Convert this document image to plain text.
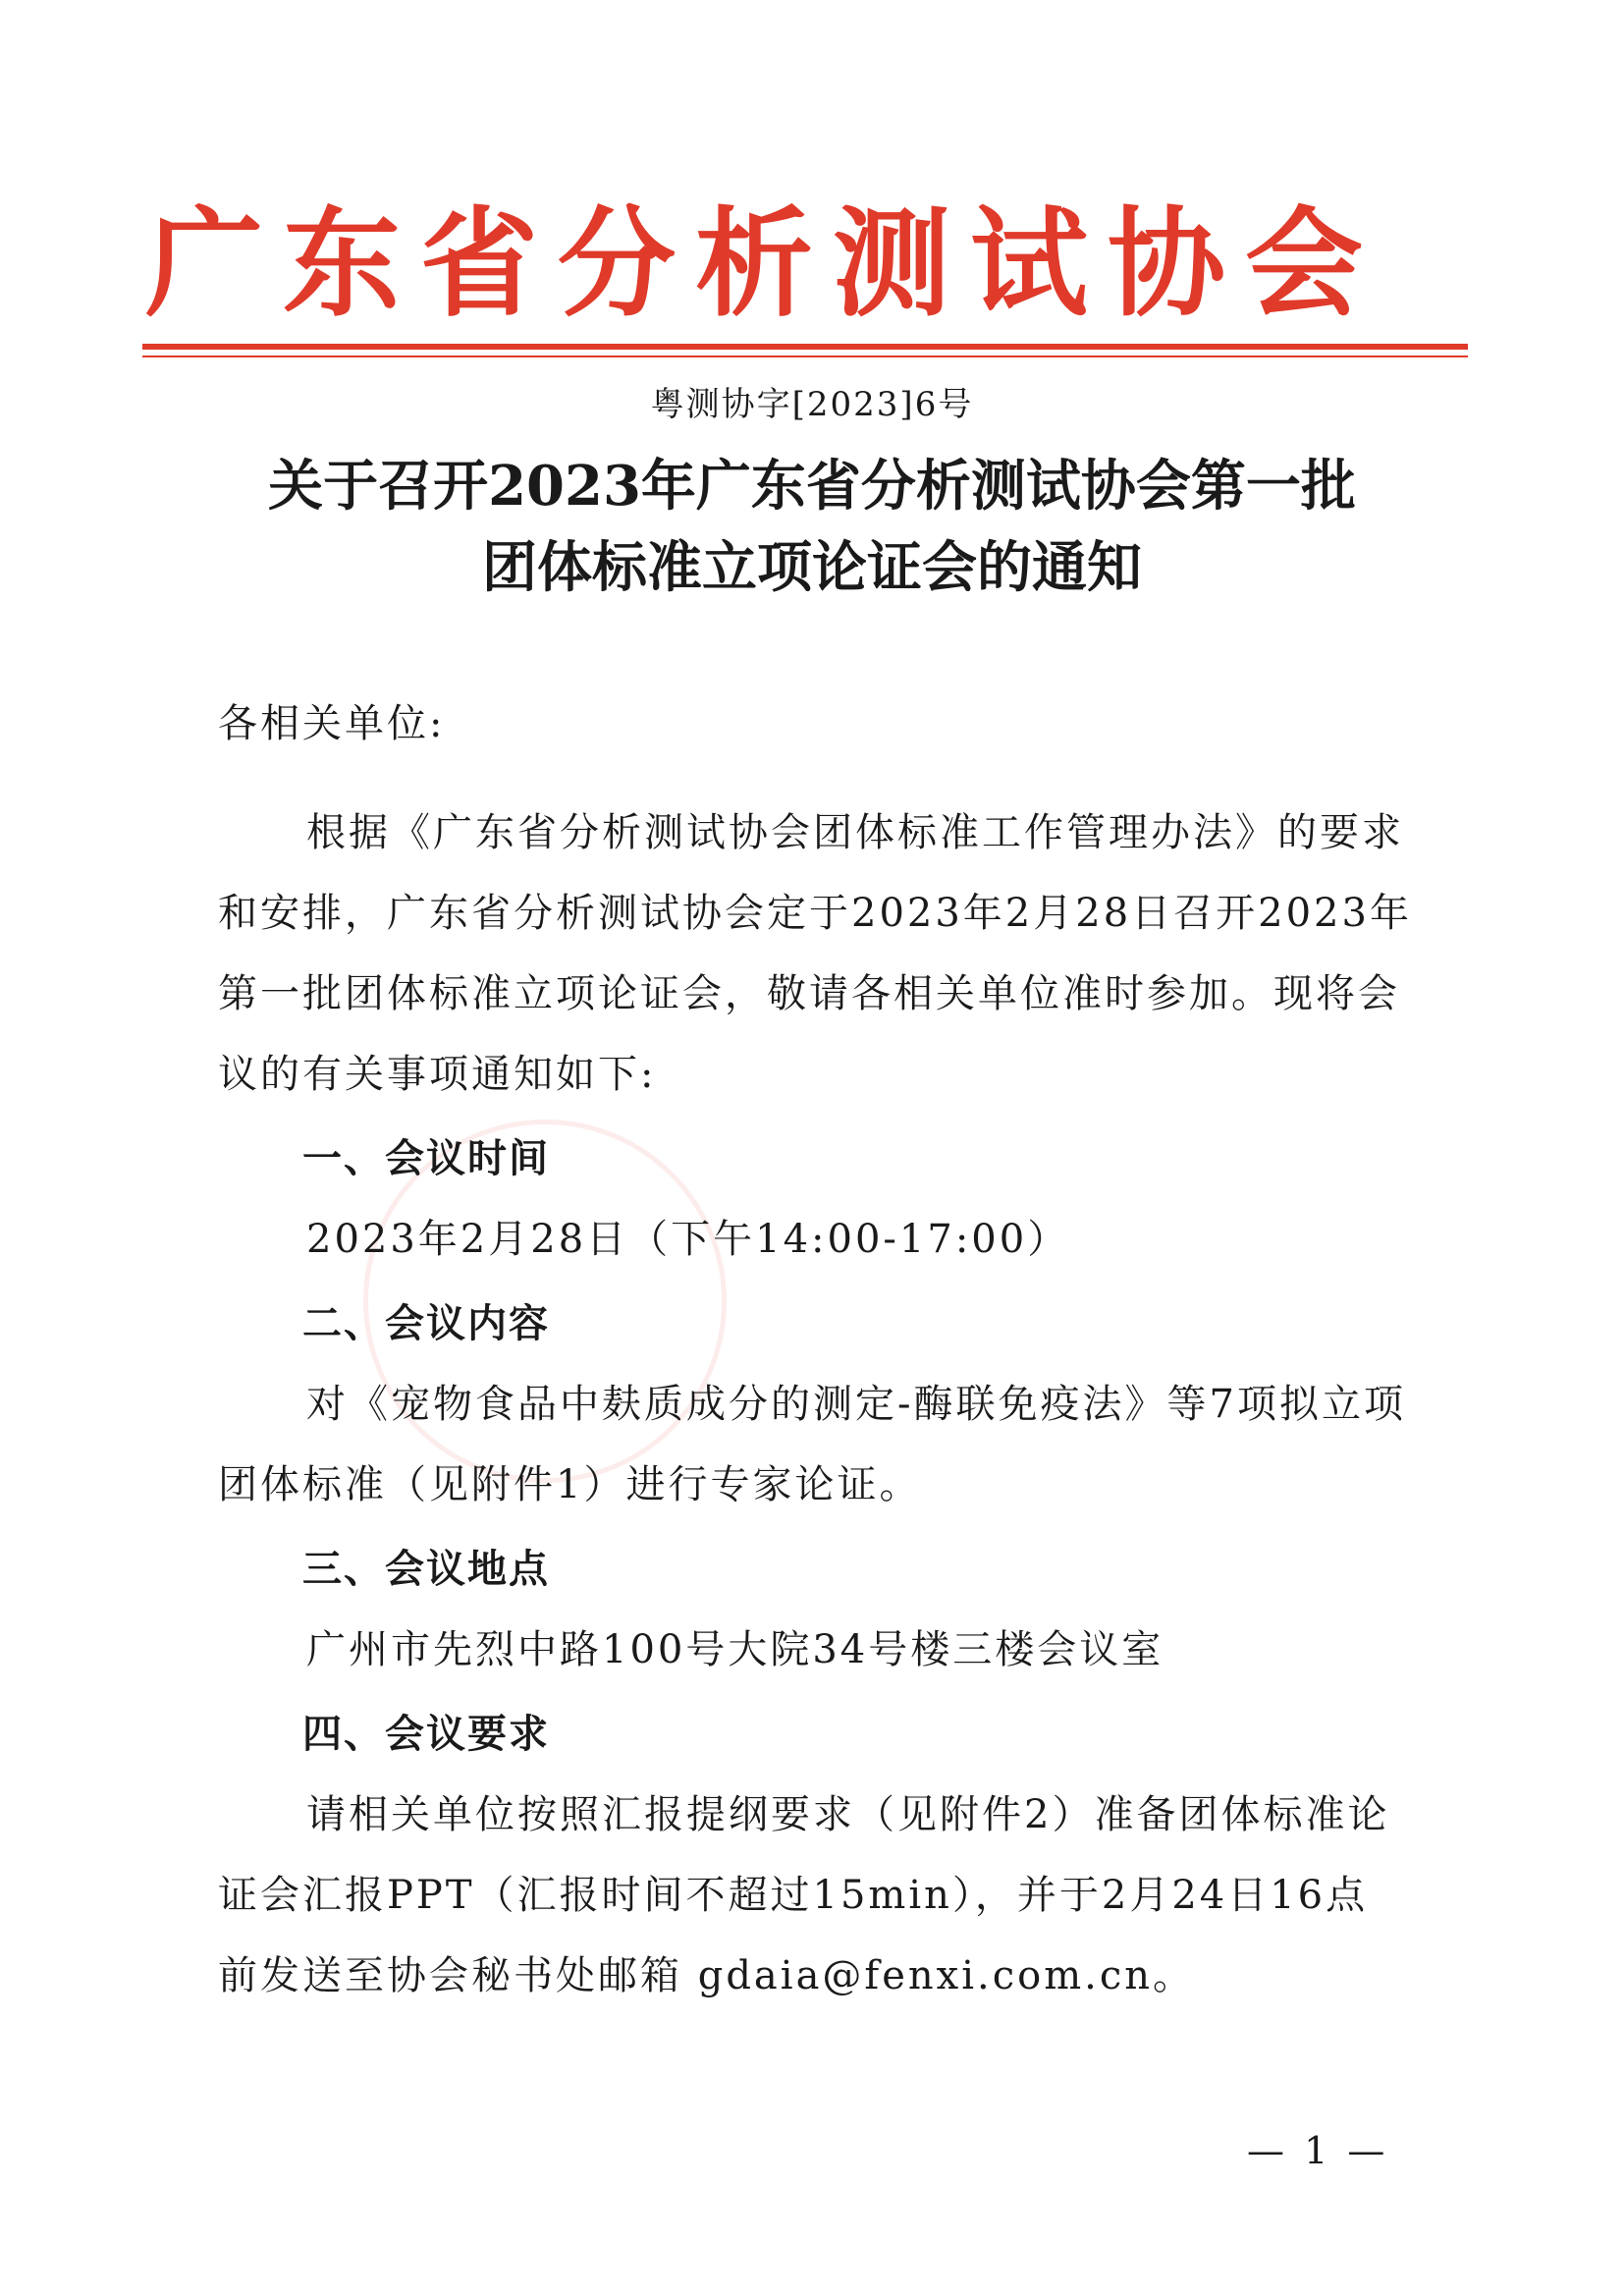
广东省分析测试协会
粤测协字[2023]6号
关于召开2023年广东省分析测试协会第一批
团体标准立项论证会的通知
各相关单位:
根据《广东省分析测试协会团体标准工作管理办法》的要求
和安排，广东省分析测试协会定于2023年2月28日召开2023年
第一批团体标准立项论证会，敬请各相关单位准时参加。现将会
议的有关事项通知如下:
一、会议时间
2023年2月28日（下午14:00-17:00）
二、会议内容
对《宠物食品中麸质成分的测定-酶联免疫法》等7项拟立项
团体标准（见附件1）进行专家论证。
三、会议地点
广州市先烈中路100号大院34号楼三楼会议室
四、会议要求
请相关单位按照汇报提纲要求（见附件2）准备团体标准论
证会汇报PPT（汇报时间不超过15min），并于2月24日16点
前发送至协会秘书处邮箱 gdaia@fenxi.com.cn。
— 1 —
